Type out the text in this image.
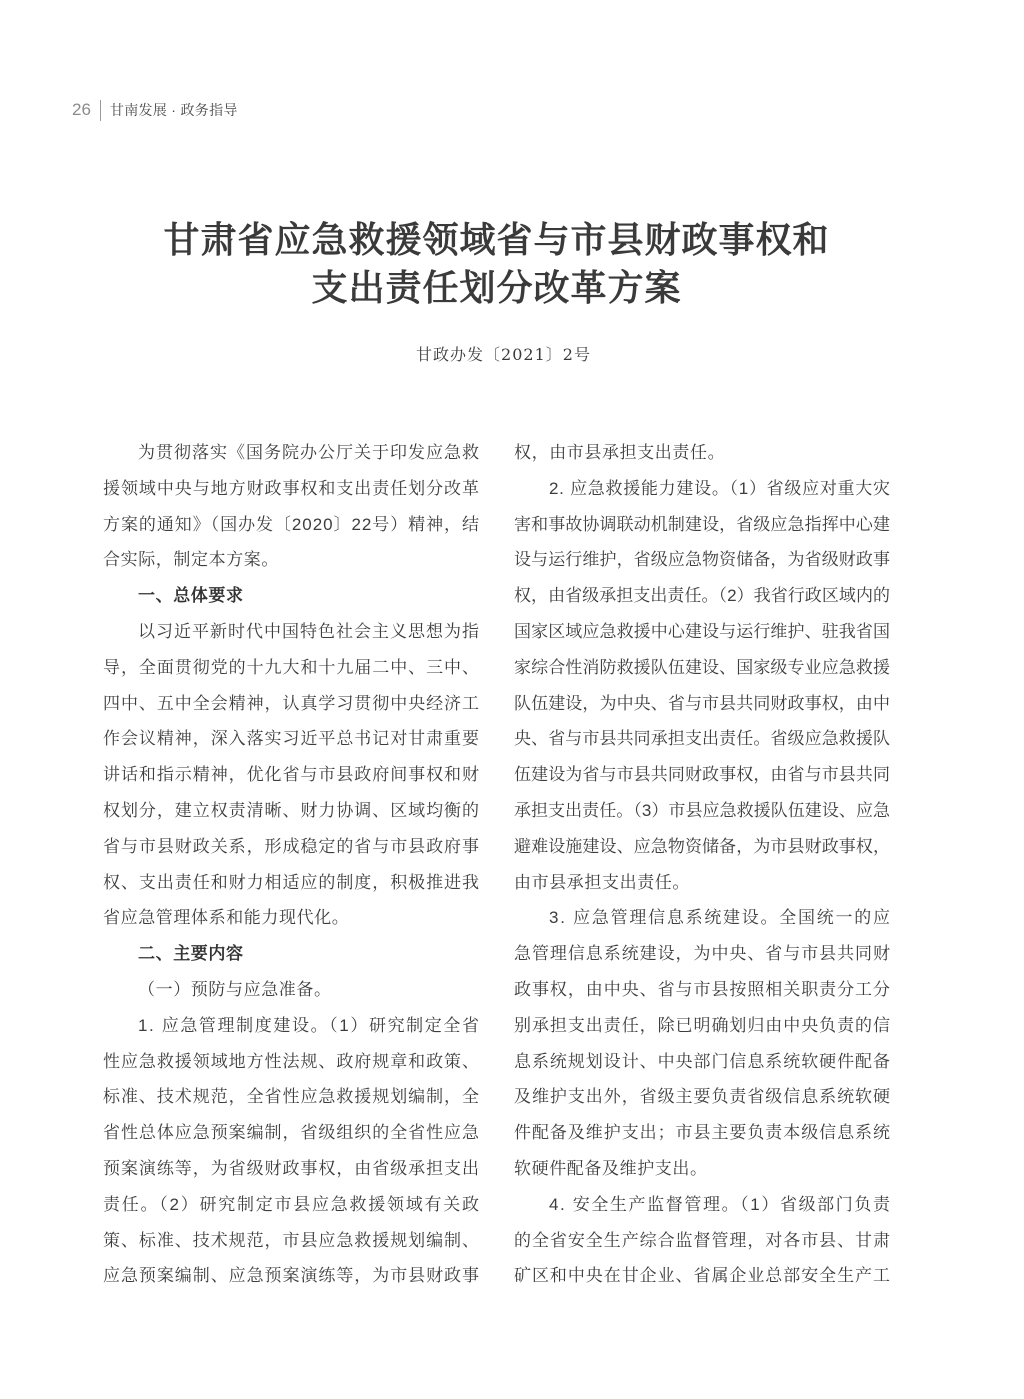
26 甘南发展 · 政务指导
甘肃省应急救援领域省与市县财政事权和
支出责任划分改革方案
甘政办发〔2021〕2号
为贯彻落实《国务院办公厅关于印发应急救
援领域中央与地方财政事权和支出责任划分改革
方案的通知》（国办发〔2020〕22号）精神，结
合实际，制定本方案。
一、总体要求
以习近平新时代中国特色社会主义思想为指
导，全面贯彻党的十九大和十九届二中、三中、
四中、五中全会精神，认真学习贯彻中央经济工
作会议精神，深入落实习近平总书记对甘肃重要
讲话和指示精神，优化省与市县政府间事权和财
权划分，建立权责清晰、财力协调、区域均衡的
省与市县财政关系，形成稳定的省与市县政府事
权、支出责任和财力相适应的制度，积极推进我
省应急管理体系和能力现代化。
二、主要内容
（一）预防与应急准备。
1. 应急管理制度建设。（1）研究制定全省
性应急救援领域地方性法规、政府规章和政策、
标准、技术规范，全省性应急救援规划编制，全
省性总体应急预案编制，省级组织的全省性应急
预案演练等，为省级财政事权，由省级承担支出
责任。（2）研究制定市县应急救援领域有关政
策、标准、技术规范，市县应急救援规划编制、
应急预案编制、应急预案演练等，为市县财政事
权，由市县承担支出责任。
2. 应急救援能力建设。（1）省级应对重大灾
害和事故协调联动机制建设，省级应急指挥中心建
设与运行维护，省级应急物资储备，为省级财政事
权，由省级承担支出责任。（2）我省行政区域内的
国家区域应急救援中心建设与运行维护、驻我省国
家综合性消防救援队伍建设、国家级专业应急救援
队伍建设，为中央、省与市县共同财政事权，由中
央、省与市县共同承担支出责任。省级应急救援队
伍建设为省与市县共同财政事权，由省与市县共同
承担支出责任。（3）市县应急救援队伍建设、应急
避难设施建设、应急物资储备，为市县财政事权，
由市县承担支出责任。
3. 应急管理信息系统建设。全国统一的应
急管理信息系统建设，为中央、省与市县共同财
政事权，由中央、省与市县按照相关职责分工分
别承担支出责任，除已明确划归由中央负责的信
息系统规划设计、中央部门信息系统软硬件配备
及维护支出外，省级主要负责省级信息系统软硬
件配备及维护支出；市县主要负责本级信息系统
软硬件配备及维护支出。
4. 安全生产监督管理。（1）省级部门负责
的全省安全生产综合监督管理，对各市县、甘肃
矿区和中央在甘企业、省属企业总部安全生产工
